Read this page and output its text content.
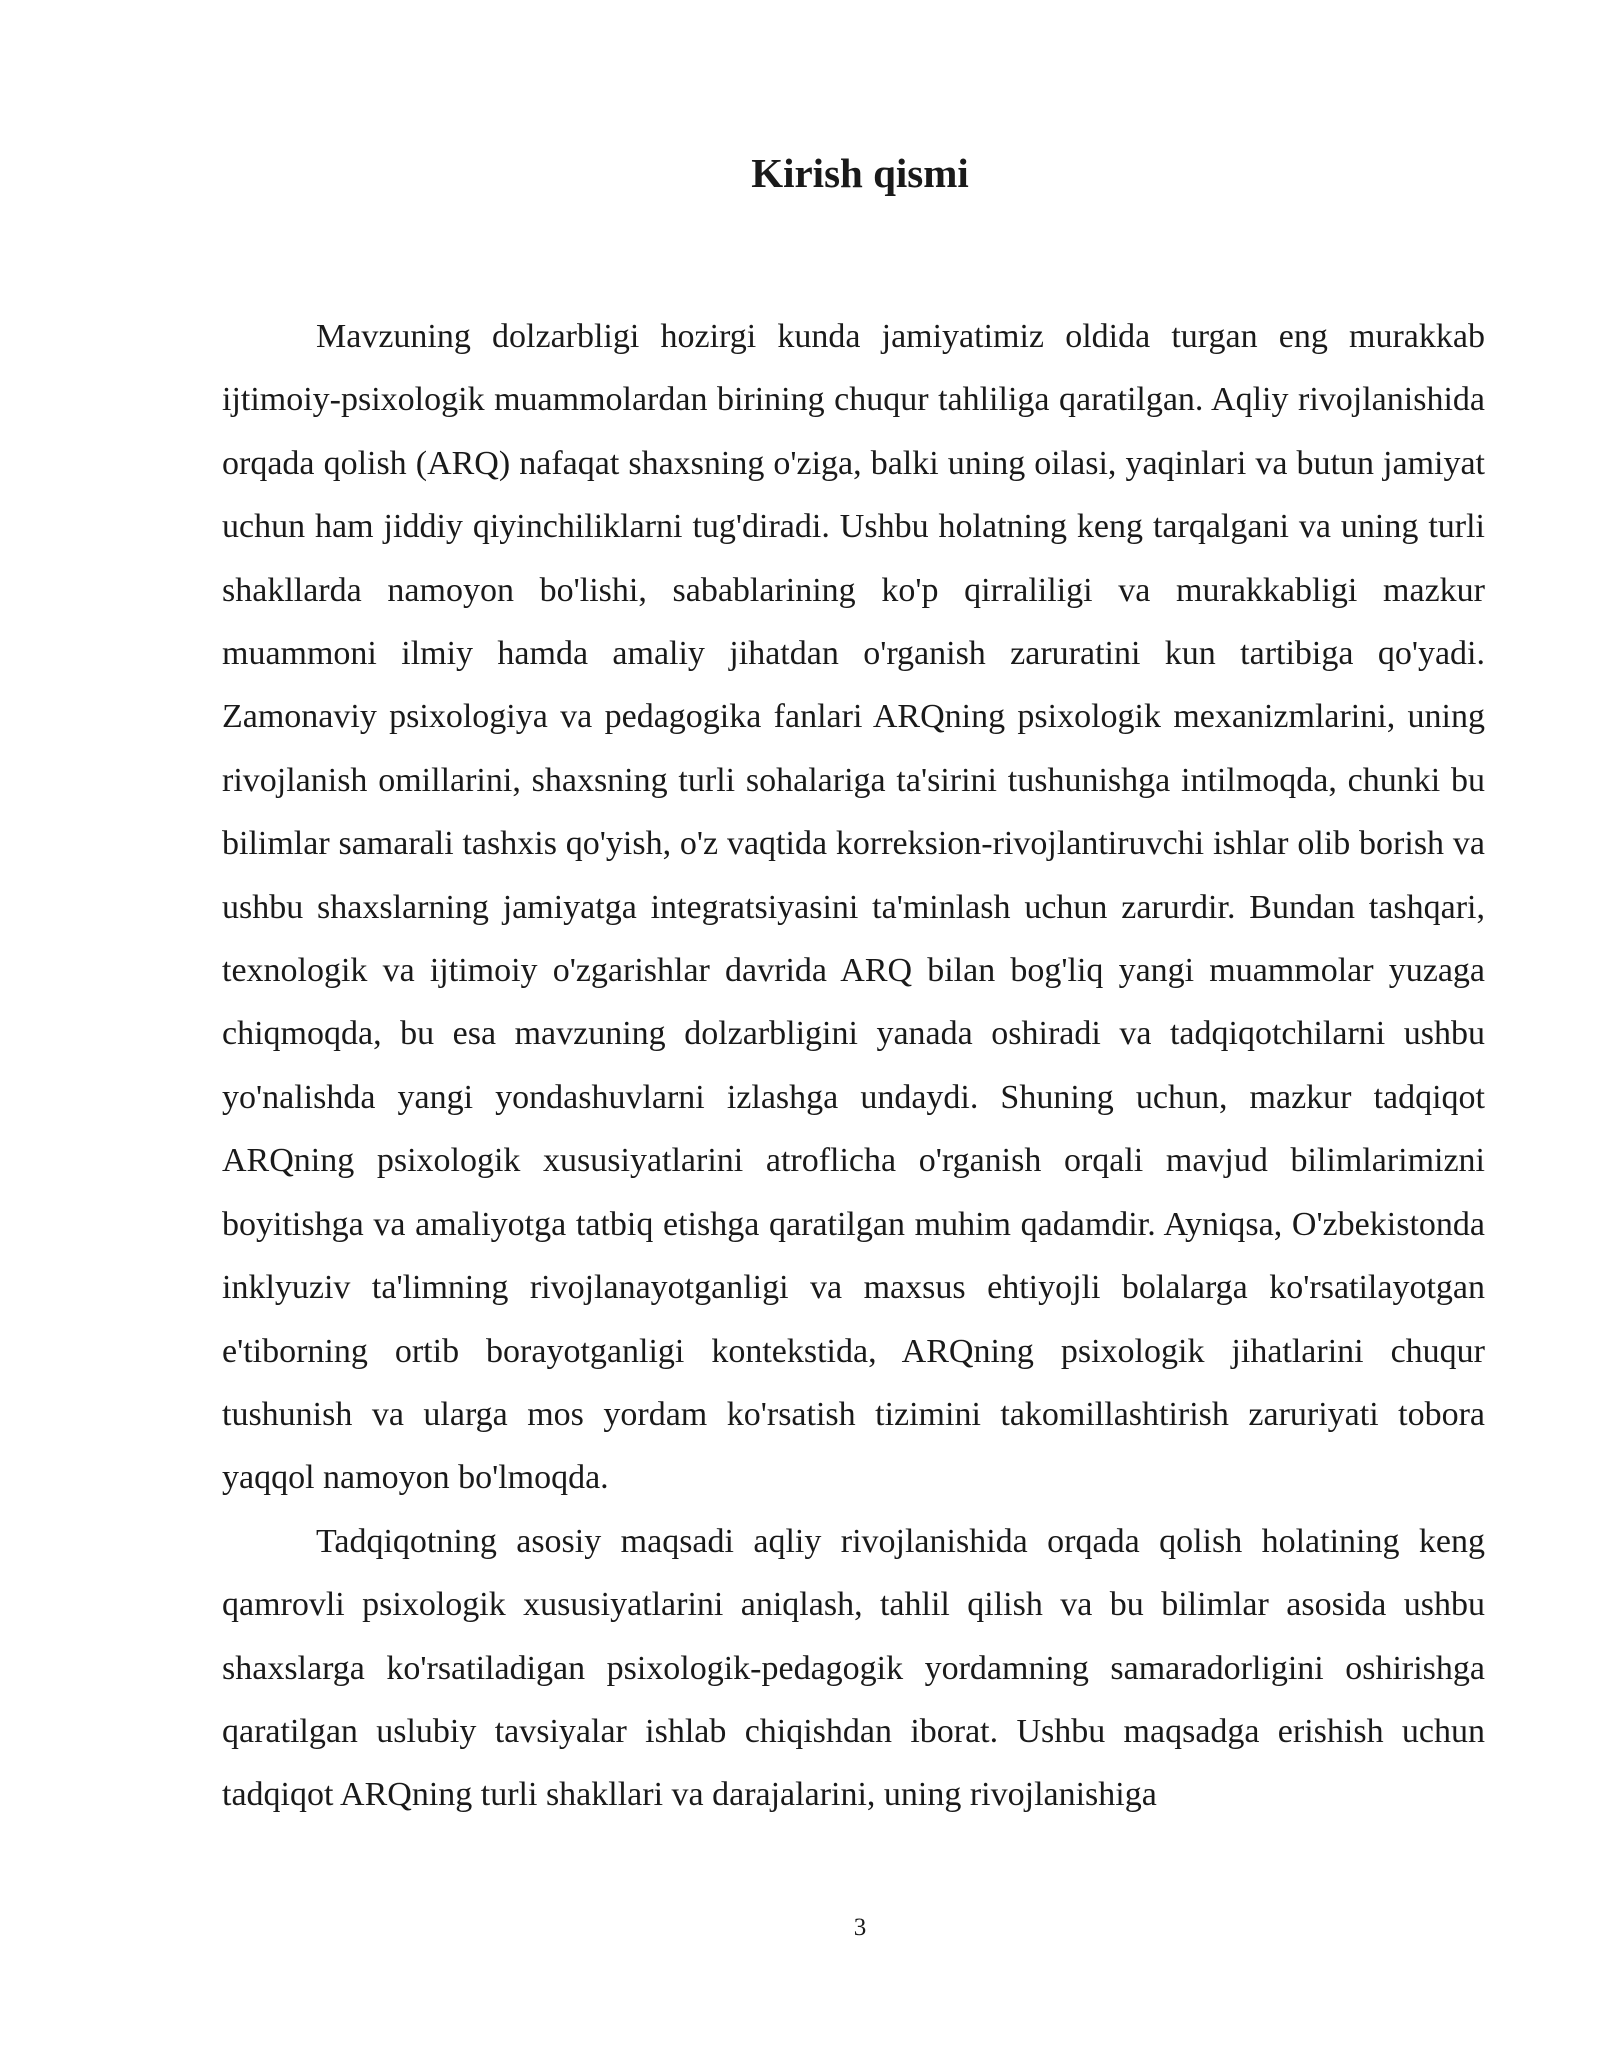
Kirish qismi

Mavzuning dolzarbligi hozirgi kunda jamiyatimiz oldida turgan eng murakkab ijtimoiy-psixologik muammolardan birining chuqur tahliliga qaratilgan. Aqliy rivojlanishida orqada qolish (ARQ) nafaqat shaxsning o'ziga, balki uning oilasi, yaqinlari va butun jamiyat uchun ham jiddiy qiyinchiliklarni tug'diradi. Ushbu holatning keng tarqalgani va uning turli shakllarda namoyon bo'lishi, sabablarining ko'p qirraliligi va murakkabligi mazkur muammoni ilmiy hamda amaliy jihatdan o'rganish zaruratini kun tartibiga qo'yadi. Zamonaviy psixologiya va pedagogika fanlari ARQning psixologik mexanizmlarini, uning rivojlanish omillarini, shaxsning turli sohalariga ta'sirini tushunishga intilmoqda, chunki bu bilimlar samarali tashxis qo'yish, o'z vaqtida korreksion-rivojlantiruvchi ishlar olib borish va ushbu shaxslarning jamiyatga integratsiyasini ta'minlash uchun zarurdir. Bundan tashqari, texnologik va ijtimoiy o'zgarishlar davrida ARQ bilan bog'liq yangi muammolar yuzaga chiqmoqda, bu esa mavzuning dolzarbligini yanada oshiradi va tadqiqotchilarni ushbu yo'nalishda yangi yondashuvlarni izlashga undaydi. Shuning uchun, mazkur tadqiqot ARQning psixologik xususiyatlarini atroflicha o'rganish orqali mavjud bilimlarimizni boyitishga va amaliyotga tatbiq etishga qaratilgan muhim qadamdir. Ayniqsa, O'zbekistonda inklyuziv ta'limning rivojlanayotganligi va maxsus ehtiyojli bolalarga ko'rsatilayotgan e'tiborning ortib borayotganligi kontekstida, ARQning psixologik jihatlarini chuqur tushunish va ularga mos yordam ko'rsatish tizimini takomillashtirish zaruriyati tobora yaqqol namoyon bo'lmoqda.

Tadqiqotning asosiy maqsadi aqliy rivojlanishida orqada qolish holatining keng qamrovli psixologik xususiyatlarini aniqlash, tahlil qilish va bu bilimlar asosida ushbu shaxslarga ko'rsatiladigan psixologik-pedagogik yordamning samaradorligini oshirishga qaratilgan uslubiy tavsiyalar ishlab chiqishdan iborat. Ushbu maqsadga erishish uchun tadqiqot ARQning turli shakllari va darajalarini, uning rivojlanishiga

3
